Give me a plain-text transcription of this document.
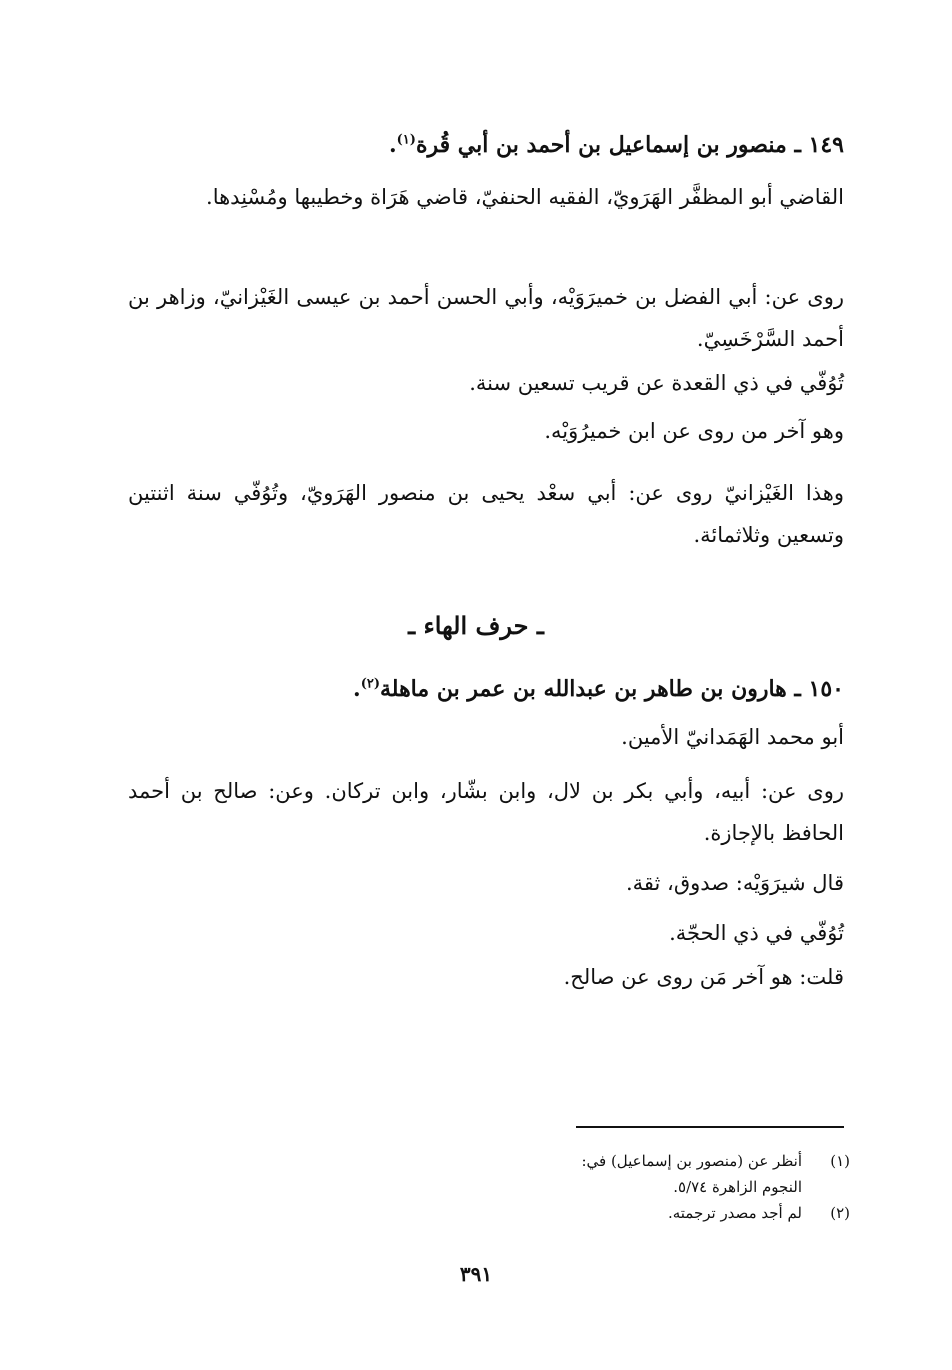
١٤٩ ـ منصور بن إسماعيل بن أحمد بن أبي قُرة$^{(١)}$.

القاضي أبو المظفَّر الهَرَويّ، الفقيه الحنفيّ، قاضي هَرَاة وخطيبها ومُسْنِدها.

روى عن: أبي الفضل بن خميرَوَيْه، وأبي الحسن أحمد بن عيسى الغَيْزانيّ، وزاهر بن أحمد السَّرْخَسِيّ.

تُوُفّي في ذي القعدة عن قريب تسعين سنة.

وهو آخر من روى عن ابن خميرُوَيْه.

وهذا الغَيْزانيّ روى عن: أبي سعْد يحيى بن منصور الهَرَويّ، وتُوُفّي سنة اثنتين وتسعين وثلاثمائة.

ـ حرف الهاء ـ

١٥٠ ـ هارون بن طاهر بن عبدالله بن عمر بن ماهلة$^{(٢)}$.

أبو محمد الهَمَدانيّ الأمين.

روى عن: أبيه، وأبي بكر بن لال، وابن بشّار، وابن تركان. وعن: صالح بن أحمد الحافظ بالإجازة.

قال شيرَوَيْه: صدوق، ثقة.

تُوُفّي في ذي الحجّة.

قلت: هو آخر مَن روى عن صالح.

(١)
أنظر عن (منصور بن إسماعيل) في:
النجوم الزاهرة ٥/٧٤.
(٢)
لم أجد مصدر ترجمته.
٣٩١
